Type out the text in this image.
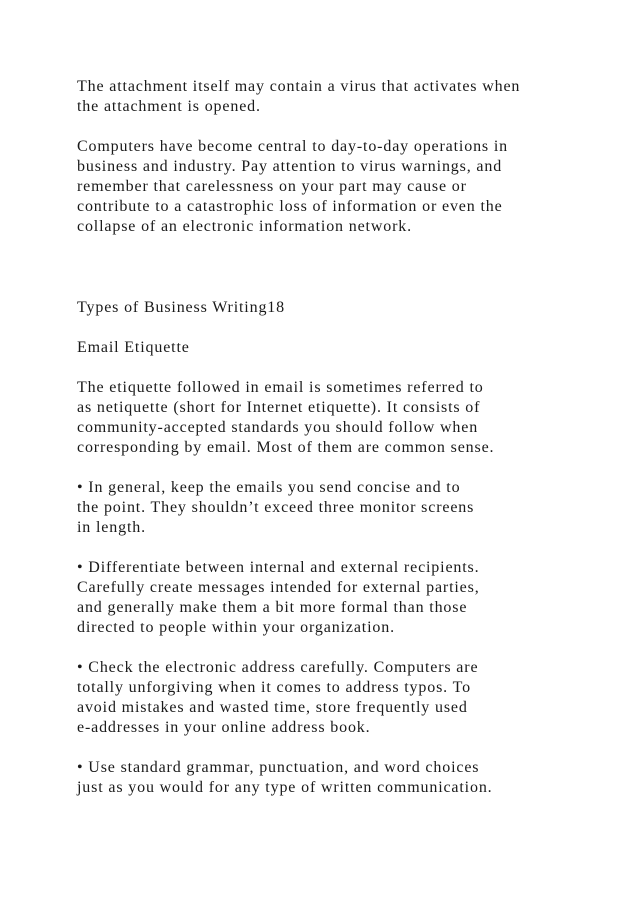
The attachment itself may contain a virus that activates when

the attachment is opened.

Computers have become central to day-to-day operations in

business and industry. Pay attention to virus warnings, and

remember that carelessness on your part may cause or

contribute to a catastrophic loss of information or even the

collapse of an electronic information network.

Types of Business Writing18

Email Etiquette

The etiquette followed in email is sometimes referred to

as netiquette (short for Internet etiquette). It consists of

community-accepted standards you should follow when

corresponding by email. Most of them are common sense.

• In general, keep the emails you send concise and to

the point. They shouldn’t exceed three monitor screens

in length.

• Differentiate between internal and external recipients.

Carefully create messages intended for external parties,

and generally make them a bit more formal than those

directed to people within your organization.

• Check the electronic address carefully. Computers are

totally unforgiving when it comes to address typos. To

avoid mistakes and wasted time, store frequently used

e-addresses in your online address book.

• Use standard grammar, punctuation, and word choices

just as you would for any type of written communication.
